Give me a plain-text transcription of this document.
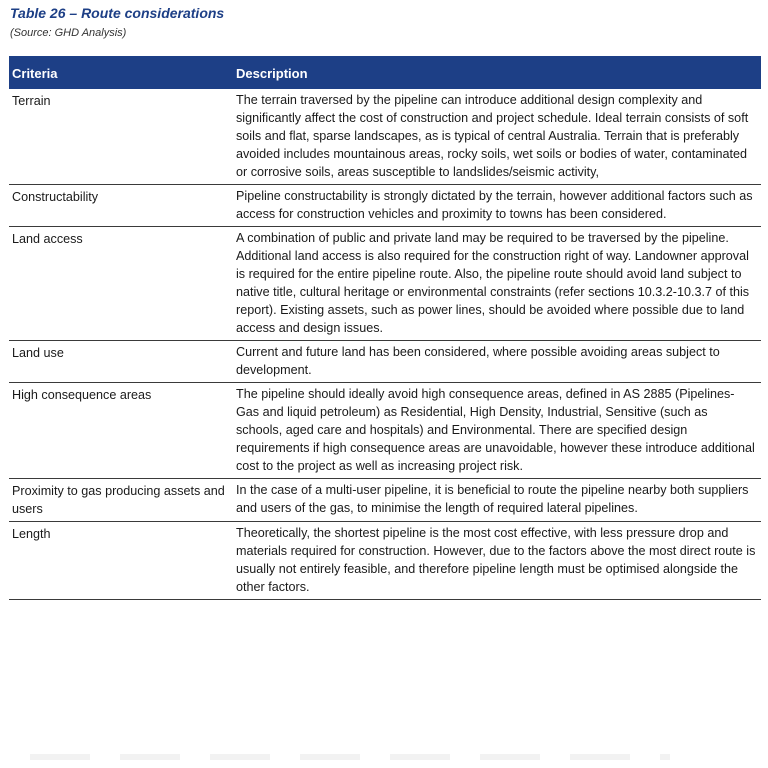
Table 26 – Route considerations
(Source: GHD Analysis)
Criteria	Description
Terrain	The terrain traversed by the pipeline can introduce additional design complexity and significantly affect the cost of construction and project schedule. Ideal terrain consists of soft soils and flat, sparse landscapes, as is typical of central Australia. Terrain that is preferably avoided includes mountainous areas, rocky soils, wet soils or bodies of water, contaminated or corrosive soils, areas susceptible to landslides/seismic activity,
Constructability	Pipeline constructability is strongly dictated by the terrain, however additional factors such as access for construction vehicles and proximity to towns has been considered.
Land access	A combination of public and private land may be required to be traversed by the pipeline. Additional land access is also required for the construction right of way. Landowner approval is required for the entire pipeline route. Also, the pipeline route should avoid land subject to native title, cultural heritage or environmental constraints (refer sections 10.3.2-10.3.7 of this report). Existing assets, such as power lines, should be avoided where possible due to land access and design issues.
Land use	Current and future land has been considered, where possible avoiding areas subject to development.
High consequence areas	The pipeline should ideally avoid high consequence areas, defined in AS 2885 (Pipelines-Gas and liquid petroleum) as Residential, High Density, Industrial, Sensitive (such as schools, aged care and hospitals) and Environmental. There are specified design requirements if high consequence areas are unavoidable, however these introduce additional cost to the project as well as increasing project risk.
Proximity to gas producing assets and users	In the case of a multi-user pipeline, it is beneficial to route the pipeline nearby both suppliers and users of the gas, to minimise the length of required lateral pipelines.
Length	Theoretically, the shortest pipeline is the most cost effective, with less pressure drop and materials required for construction. However, due to the factors above the most direct route is usually not entirely feasible, and therefore pipeline length must be optimised alongside the other factors.
